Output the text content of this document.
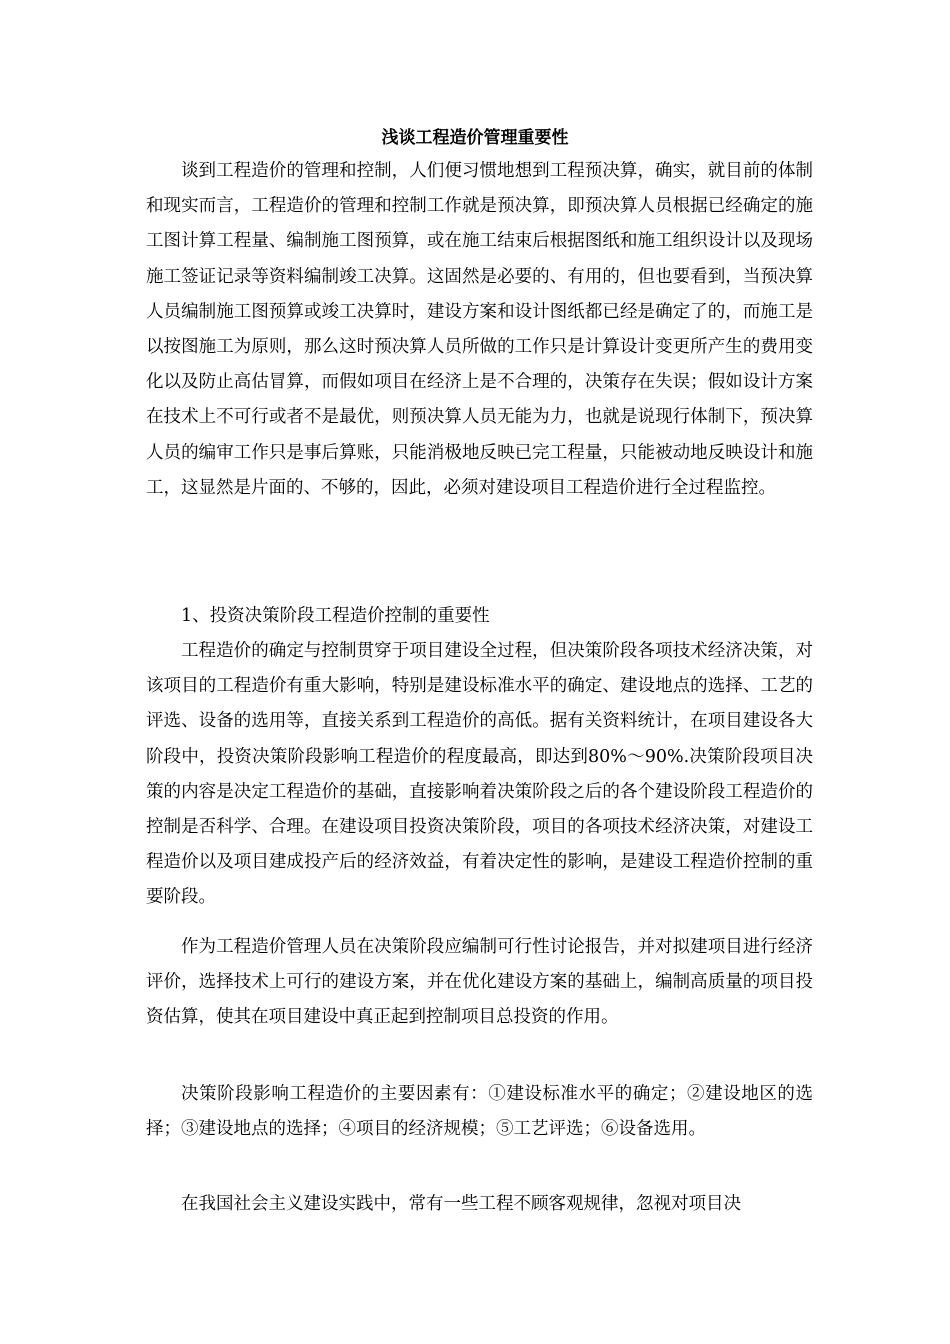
浅谈工程造价管理重要性

谈到工程造价的管理和控制，人们便习惯地想到工程预决算，确实，就目前的体制和现实而言，工程造价的管理和控制工作就是预决算，即预决算人员根据已经确定的施工图计算工程量、编制施工图预算，或在施工结束后根据图纸和施工组织设计以及现场施工签证记录等资料编制竣工决算。这固然是必要的、有用的，但也要看到，当预决算人员编制施工图预算或竣工决算时，建设方案和设计图纸都已经是确定了的，而施工是以按图施工为原则，那么这时预决算人员所做的工作只是计算设计变更所产生的费用变化以及防止高估冒算，而假如项目在经济上是不合理的，决策存在失误；假如设计方案在技术上不可行或者不是最优，则预决算人员无能为力，也就是说现行体制下，预决算人员的编审工作只是事后算账，只能消极地反映已完工程量，只能被动地反映设计和施工，这显然是片面的、不够的，因此，必须对建设项目工程造价进行全过程监控。

1、投资决策阶段工程造价控制的重要性

工程造价的确定与控制贯穿于项目建设全过程，但决策阶段各项技术经济决策，对该项目的工程造价有重大影响，特别是建设标准水平的确定、建设地点的选择、工艺的评选、设备的选用等，直接关系到工程造价的高低。据有关资料统计，在项目建设各大阶段中，投资决策阶段影响工程造价的程度最高，即达到80%～90%.决策阶段项目决策的内容是决定工程造价的基础，直接影响着决策阶段之后的各个建设阶段工程造价的控制是否科学、合理。在建设项目投资决策阶段，项目的各项技术经济决策，对建设工程造价以及项目建成投产后的经济效益，有着决定性的影响，是建设工程造价控制的重要阶段。

作为工程造价管理人员在决策阶段应编制可行性讨论报告，并对拟建项目进行经济评价，选择技术上可行的建设方案，并在优化建设方案的基础上，编制高质量的项目投资估算，使其在项目建设中真正起到控制项目总投资的作用。

决策阶段影响工程造价的主要因素有：①建设标准水平的确定；②建设地区的选择；③建设地点的选择；④项目的经济规模；⑤工艺评选；⑥设备选用。

在我国社会主义建设实践中，常有一些工程不顾客观规律，忽视对项目决
